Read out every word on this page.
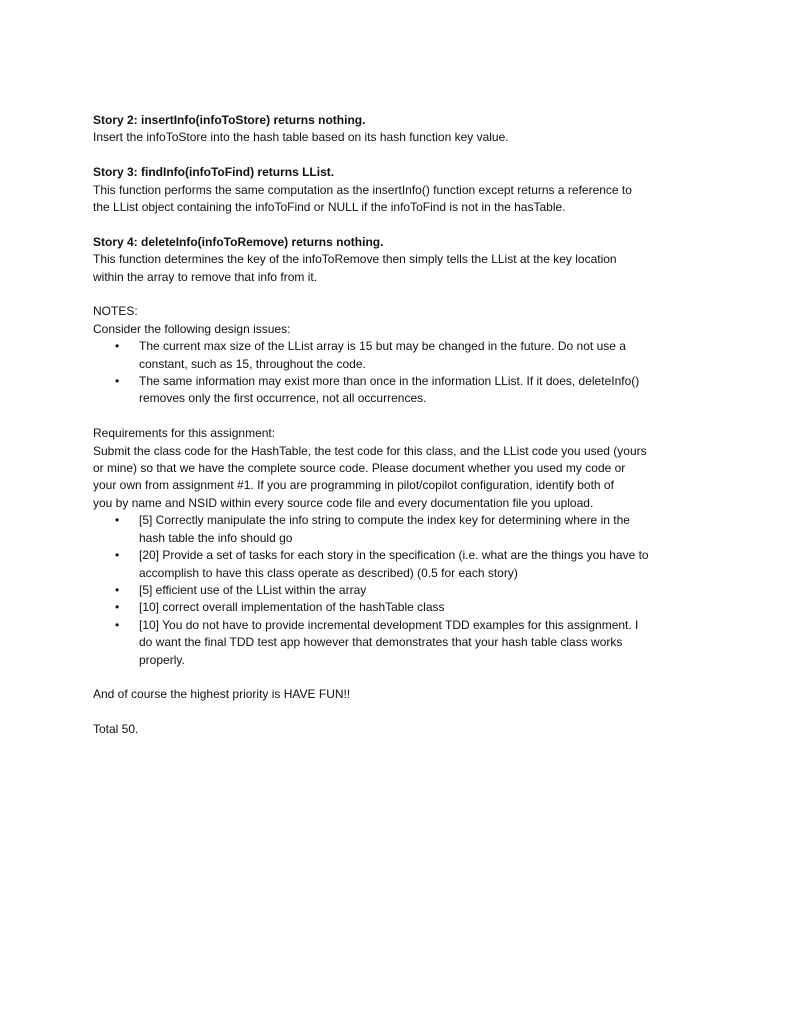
Story 2: insertInfo(infoToStore) returns nothing.
Insert the infoToStore into the hash table based on its hash function key value.
Story 3: findInfo(infoToFind) returns LList.
This function performs the same computation as the insertInfo() function except returns a reference to
the LList object containing the infoToFind or NULL if the infoToFind is not in the hasTable.
Story 4: deleteInfo(infoToRemove) returns nothing.
This function determines the key of the infoToRemove then simply tells the LList at the key location
within the array to remove that info from it.
NOTES:
Consider the following design issues:
• The current max size of the LList array is 15 but may be changed in the future. Do not use a
constant, such as 15, throughout the code.
• The same information may exist more than once in the information LList. If it does, deleteInfo()
removes only the first occurrence, not all occurrences.
Requirements for this assignment:
Submit the class code for the HashTable, the test code for this class, and the LList code you used (yours
or mine) so that we have the complete source code. Please document whether you used my code or
your own from assignment #1. If you are programming in pilot/copilot configuration, identify both of
you by name and NSID within every source code file and every documentation file you upload.
• [5] Correctly manipulate the info string to compute the index key for determining where in the
hash table the info should go
• [20] Provide a set of tasks for each story in the specification (i.e. what are the things you have to
accomplish to have this class operate as described) (0.5 for each story)
• [5] efficient use of the LList within the array
• [10] correct overall implementation of the hashTable class
• [10] You do not have to provide incremental development TDD examples for this assignment. I
do want the final TDD test app however that demonstrates that your hash table class works
properly.
And of course the highest priority is HAVE FUN!!
Total 50.
